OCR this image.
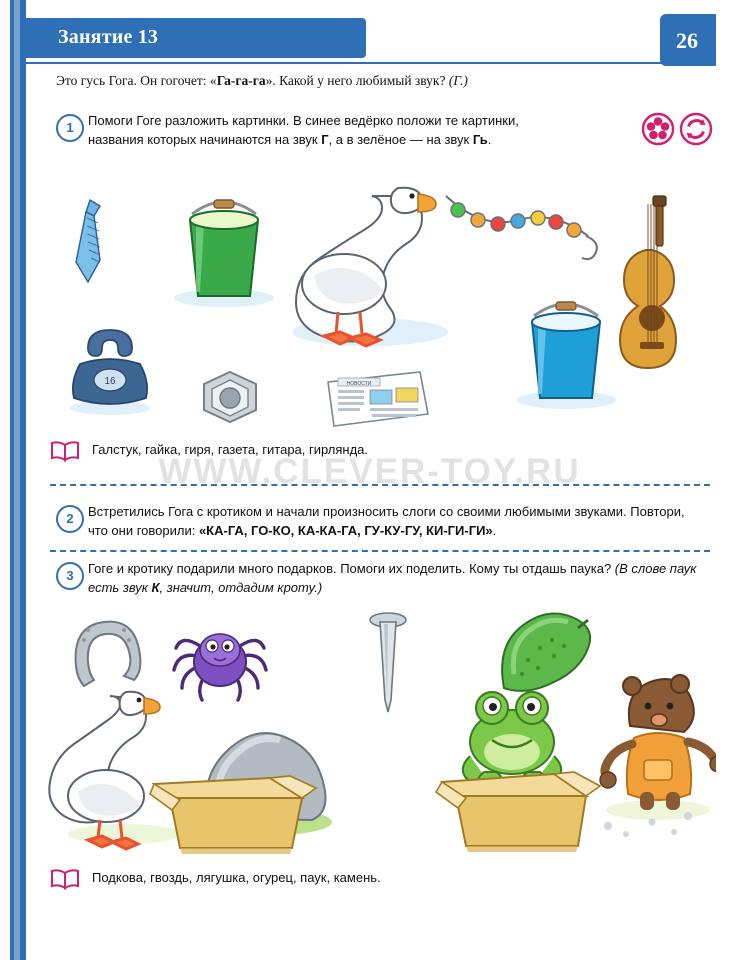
Занятие 13	26
Это гусь Гога. Он гогочет: «Га-га-га». Какой у него любимый звук? (Г.)
1	Помоги Гоге разложить картинки. В синее ведёрко положи те картинки, названия которых начинаются на звук Г, а в зелёное — на звук Гь.
16	НОВОСТИ
Галстук, гайка, гиря, газета, гитара, гирлянда.
WWW.CLEVER-TOY.RU
2	Встретились Гога с кротиком и начали произносить слоги со своими любимыми звуками. Повтори, что они говорили: «КА-ГА, ГО-КО, КА-КА-ГА, ГУ-КУ-ГУ, КИ-ГИ-ГИ».
3	Гоге и кротику подарили много подарков. Помоги их поделить. Кому ты отдашь паука? (В слове паук есть звук К, значит, отдадим кроту.)
Подкова, гвоздь, лягушка, огурец, паук, камень.
